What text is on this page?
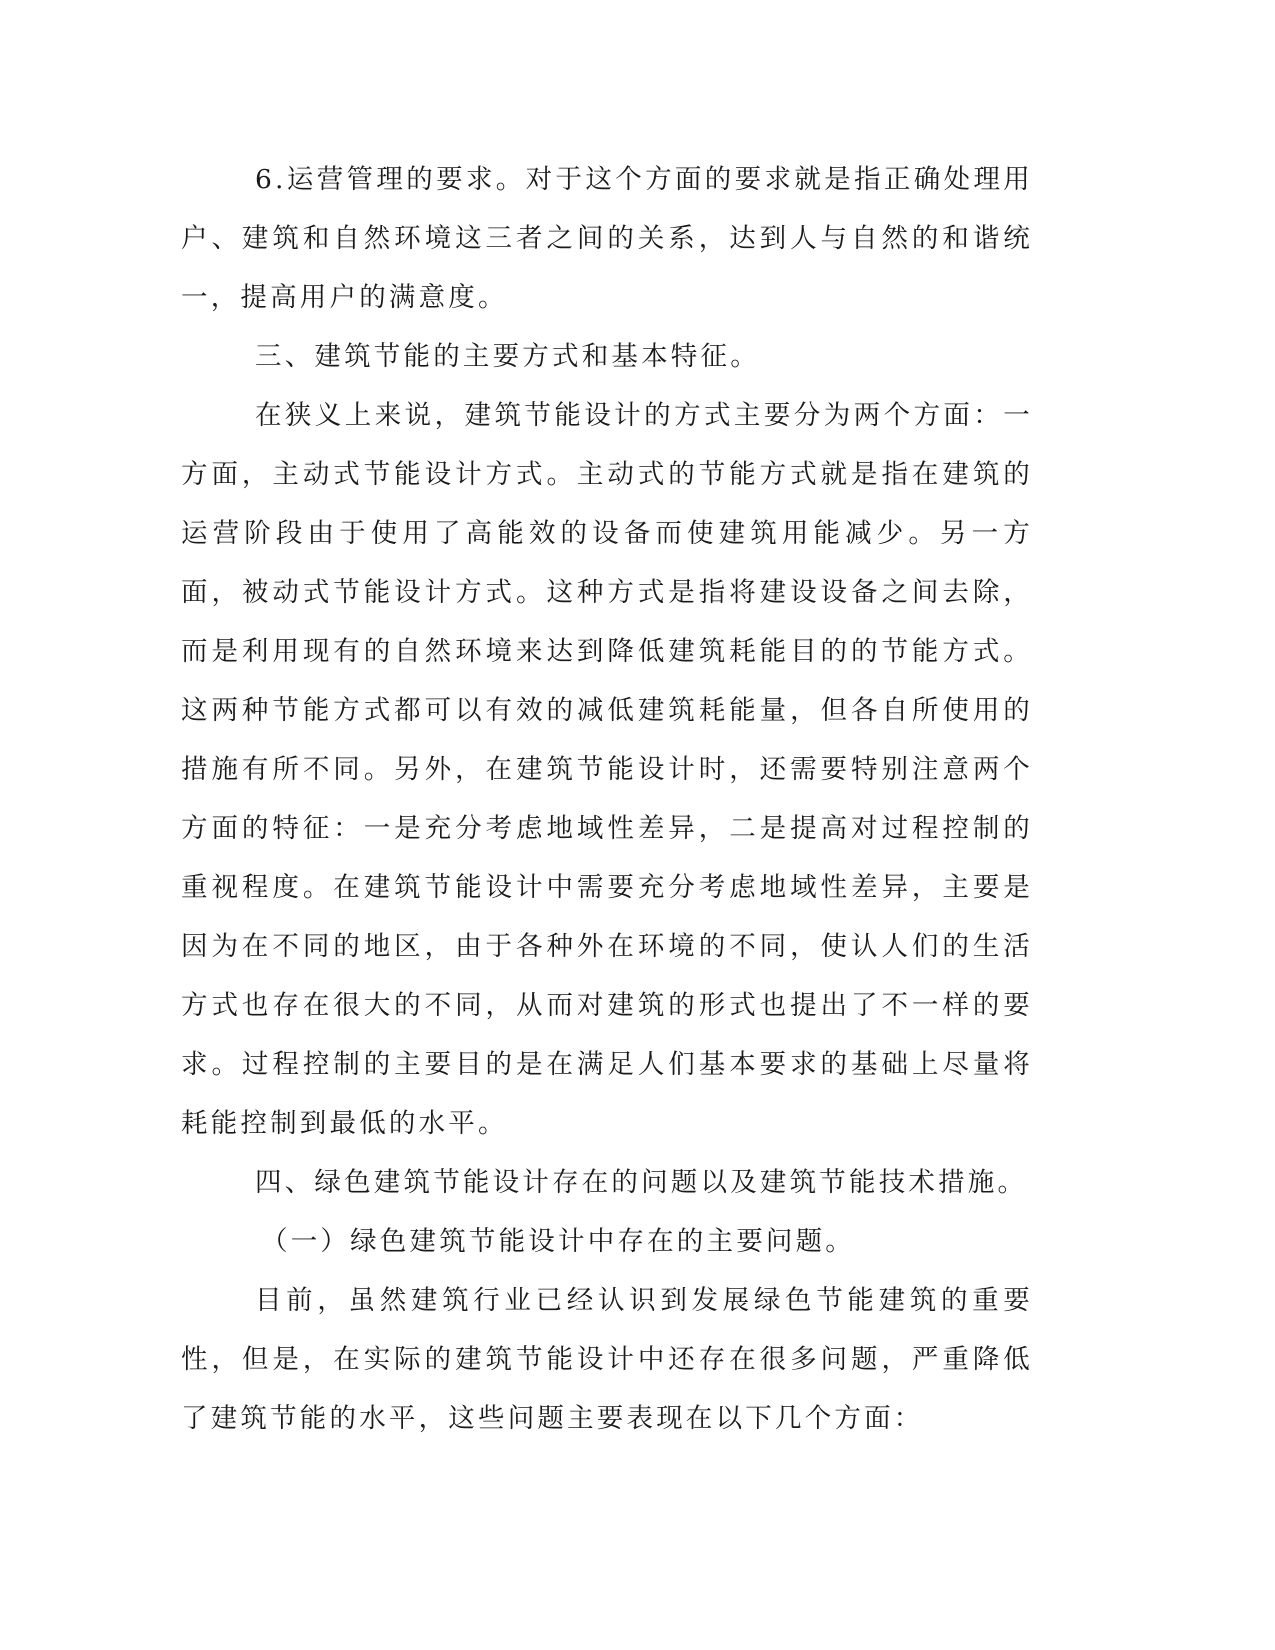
6.运营管理的要求。对于这个方面的要求就是指正确处理用户、建筑和自然环境这三者之间的关系，达到人与自然的和谐统一，提高用户的满意度。

三、建筑节能的主要方式和基本特征。

在狭义上来说，建筑节能设计的方式主要分为两个方面：一方面，主动式节能设计方式。主动式的节能方式就是指在建筑的运营阶段由于使用了高能效的设备而使建筑用能减少。另一方面，被动式节能设计方式。这种方式是指将建设设备之间去除，而是利用现有的自然环境来达到降低建筑耗能目的的节能方式。这两种节能方式都可以有效的减低建筑耗能量，但各自所使用的措施有所不同。另外，在建筑节能设计时，还需要特别注意两个方面的特征：一是充分考虑地域性差异，二是提高对过程控制的重视程度。在建筑节能设计中需要充分考虑地域性差异，主要是因为在不同的地区，由于各种外在环境的不同，使认人们的生活方式也存在很大的不同，从而对建筑的形式也提出了不一样的要求。过程控制的主要目的是在满足人们基本要求的基础上尽量将耗能控制到最低的水平。

四、绿色建筑节能设计存在的问题以及建筑节能技术措施。

（一）绿色建筑节能设计中存在的主要问题。

目前，虽然建筑行业已经认识到发展绿色节能建筑的重要性，但是，在实际的建筑节能设计中还存在很多问题，严重降低了建筑节能的水平，这些问题主要表现在以下几个方面：
